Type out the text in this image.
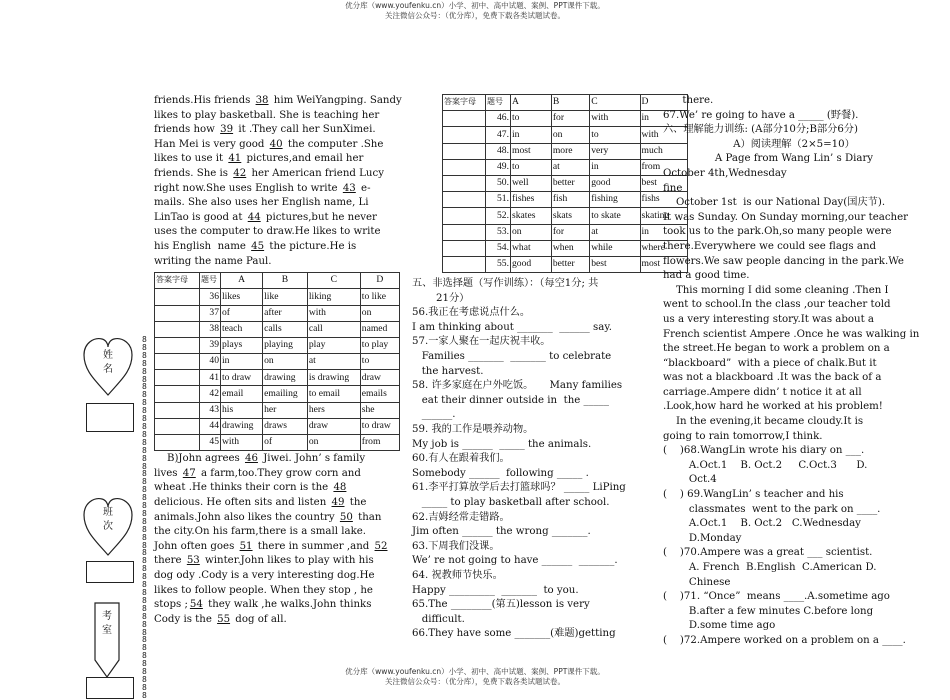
优分库（www.youfenku.cn）小学、初中、高中试题、案例、PPT课件下载。
关注微信公众号：（优分库），免费下载各类试题试卷。
姓名
班次
考室
8888888888888888888888888888888888888888888888

friends.His friends 38 him WeiYangping. Sandy

likes to play basketball. She is teaching her

friends how 39 it .They call her SunXimei.

Han Mei is very good 40 the computer .She

likes to use it 41 pictures,and email her

friends. She is 42 her American friend Lucy

right now.She uses English to write 43 e-

mails. She also uses her English name, Li

LinTao is good at 44 pictures,but he never

uses the computer to draw.He likes to write

his English  name 45 the picture.He is

writing the name Paul.

答案字母	题号	A	B	C	D
	36	likes	like	liking	to like
	37	of	after	with	on
	38	teach	calls	call	named
	39	plays	playing	play	to play
	40	in	on	at	to
	41	to draw	drawing	is drawing	draw
	42	email	emailing	to email	emails
	43	his	her	hers	she
	44	drawing	draws	draw	to draw
	45	with	of	on	from

B)John agrees 46 Jiwei. John’ s family

lives 47 a farm,too.They grow corn and

wheat .He thinks their corn is the 48

delicious. He often sits and listen 49 the

animals.John also likes the country 50 than

the city.On his farm,there is a small lake.

John often goes 51 there in summer ,and 52

there 53 winter.John likes to play with his

dog ody .Cody is a very interesting dog.He

likes to follow people. When they stop , he

stops ; 54 they walk ,he walks.John thinks

Cody is the 55 dog of all.

答案字母	题号	A	B	C	D
	46.	to	for	with	in
	47.	in	on	to	with
	48.	most	more	very	much
	49.	to	at	in	from
	50.	well	better	good	best
	51.	fishes	fish	fishing	fishs
	52.	skates	skats	to skate	skating
	53.	on	for	at	in
	54.	what	when	while	where
	55.	good	better	best	most

五、非选择题（写作训练）：（每空1分; 共

21分）

56.我正在考虑说点什么。

I am thinking about _______  ______ say.

57.一家人聚在一起庆祝丰收。

Families _______  _______ to celebrate

the harvest.

58. 许多家庭在户外吃饭。     Many families

eat their dinner outside in  the _____

______.

59. 我的工作是喂养动物。

My job is ______  _____ the animals.

60.有人在跟着我们。

Somebody ______  following _____ .

61.李平打算放学后去打篮球吗？ _____ LiPing

_____ to play basketball after school.

62.吉姆经常走错路。

Jim often ______ the wrong _______.

63.下周我们没课。

We’ re not going to have ______  _______.

64. 祝教师节快乐。

Happy _________  _______  to you.

65.The ________(第五)lesson is very

difficult.

66.They have some _______(难题)getting

there.

67.We’ re going to have a _____ (野餐).

六、理解能力训练: (A部分10分;B部分6分)

A）阅读理解（2×5=10）

A Page from Wang Lin’ s Diary

October 4th,Wednesday

fine

October 1st  is our National Day(国庆节).

It was Sunday. On Sunday morning,our teacher

took us to the park.Oh,so many people were

there.Everywhere we could see flags and

flowers.We saw people dancing in the park.We

had a good time.

This morning I did some cleaning .Then I

went to school.In the class ,our teacher told

us a very interesting story.It was about a

French scientist Ampere .Once he was walking in

the street.He began to work a problem on a

“blackboard”  with a piece of chalk.But it

was not a blackboard .It was the back of a

carriage.Ampere didn’ t notice it at all

.Look,how hard he worked at his problem!

In the evening,it became cloudy.It is

going to rain tomorrow,I think.

(    )68.WangLin wrote his diary on ___.

A.Oct.1    B. Oct.2     C.Oct.3      D.

Oct.4

(    ) 69.WangLin’ s teacher and his

classmates  went to the park on ____.

A.Oct.1    B. Oct.2   C.Wednesday

D.Monday

(    )70.Ampere was a great ___ scientist.

A. French  B.English  C.American D.

Chinese

(    )71. “Once”  means ____.A.sometime ago

B.after a few minutes C.before long

D.some time ago

(    )72.Ampere worked on a problem on a ____.

优分库（www.youfenku.cn）小学、初中、高中试题、案例、PPT课件下载。
关注微信公众号：（优分库），免费下载各类试题试卷。
